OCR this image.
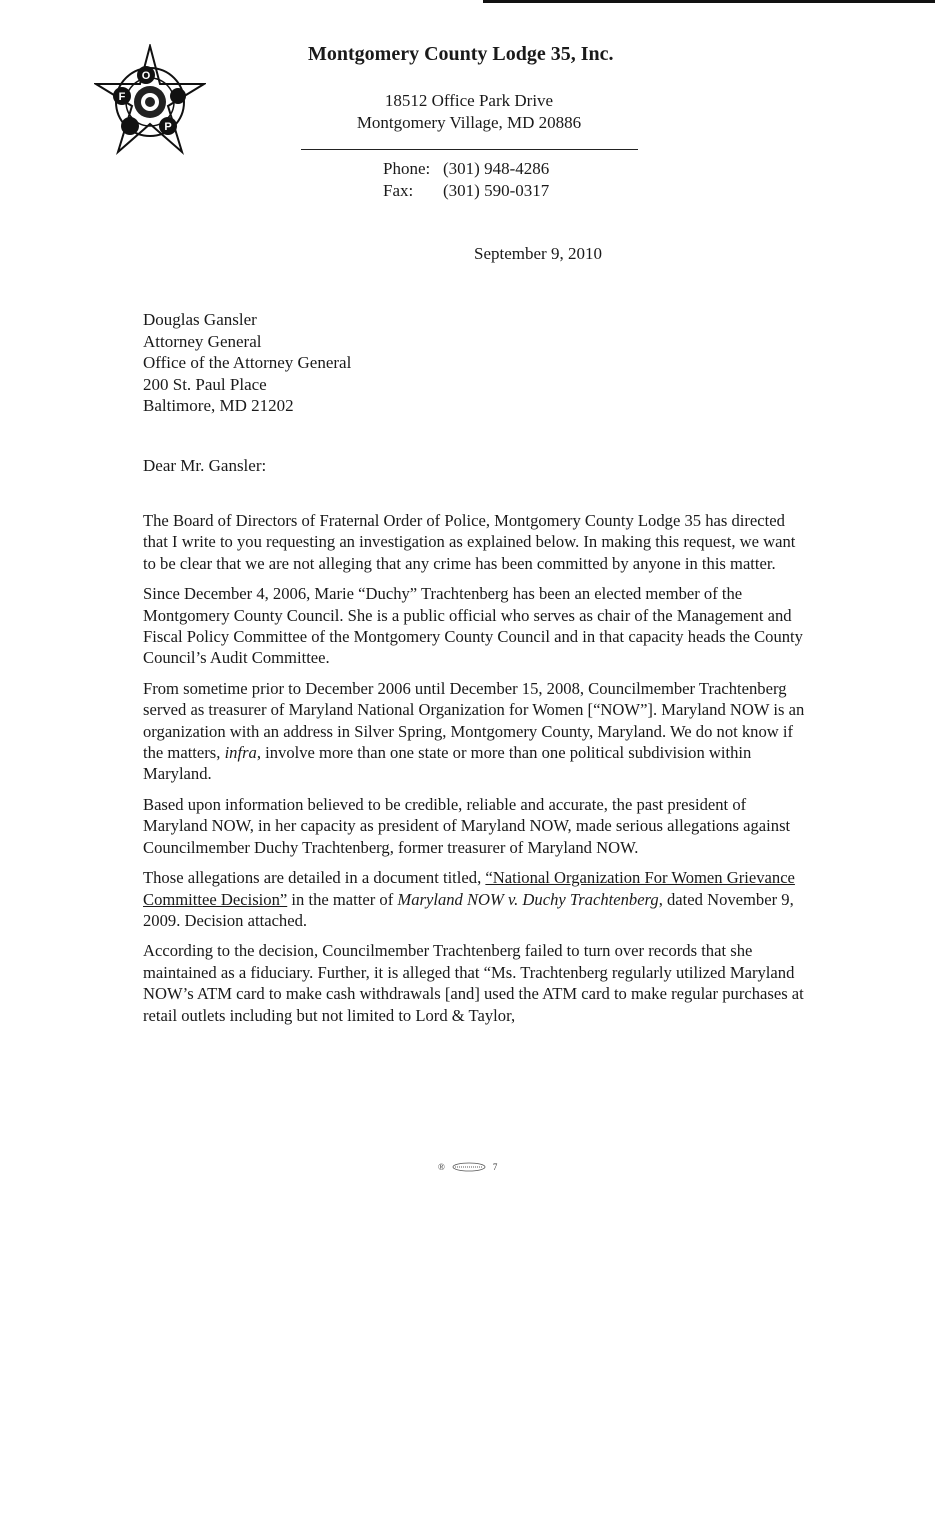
O
F
P
Montgomery County Lodge 35, Inc.
18512 Office Park Drive
Montgomery Village, MD 20886
Phone: (301) 948-4286
Fax:	(301) 590-0317
September 9, 2010
Douglas Gansler
Attorney General
Office of the Attorney General
200 St. Paul Place
Baltimore, MD 21202
Dear Mr. Gansler:

The Board of Directors of Fraternal Order of Police, Montgomery County Lodge 35 has directed that I write to you requesting an investigation as explained below. In making this request, we want to be clear that we are not alleging that any crime has been committed by anyone in this matter.

Since December 4, 2006, Marie “Duchy” Trachtenberg has been an elected member of the Montgomery County Council. She is a public official who serves as chair of the Management and Fiscal Policy Committee of the Montgomery County Council and in that capacity heads the County Council’s Audit Committee.

From sometime prior to December 2006 until December 15, 2008, Councilmember Trachtenberg served as treasurer of Maryland National Organization for Women [“NOW”]. Maryland NOW is an organization with an address in Silver Spring, Montgomery County, Maryland. We do not know if the matters, infra, involve more than one state or more than one political subdivision within Maryland.

Based upon information believed to be credible, reliable and accurate, the past president of Maryland NOW, in her capacity as president of Maryland NOW, made serious allegations against Councilmember Duchy Trachtenberg, former treasurer of Maryland NOW.

Those allegations are detailed in a document titled, “National Organization For Women Grievance Committee Decision” in the matter of Maryland NOW v. Duchy Trachtenberg, dated November 9, 2009. Decision attached.

According to the decision, Councilmember Trachtenberg failed to turn over records that she maintained as a fiduciary. Further, it is alleged that “Ms. Trachtenberg regularly utilized Maryland NOW’s ATM card to make cash withdrawals [and] used the ATM card to make regular purchases at retail outlets including but not limited to Lord & Taylor,

®	7
